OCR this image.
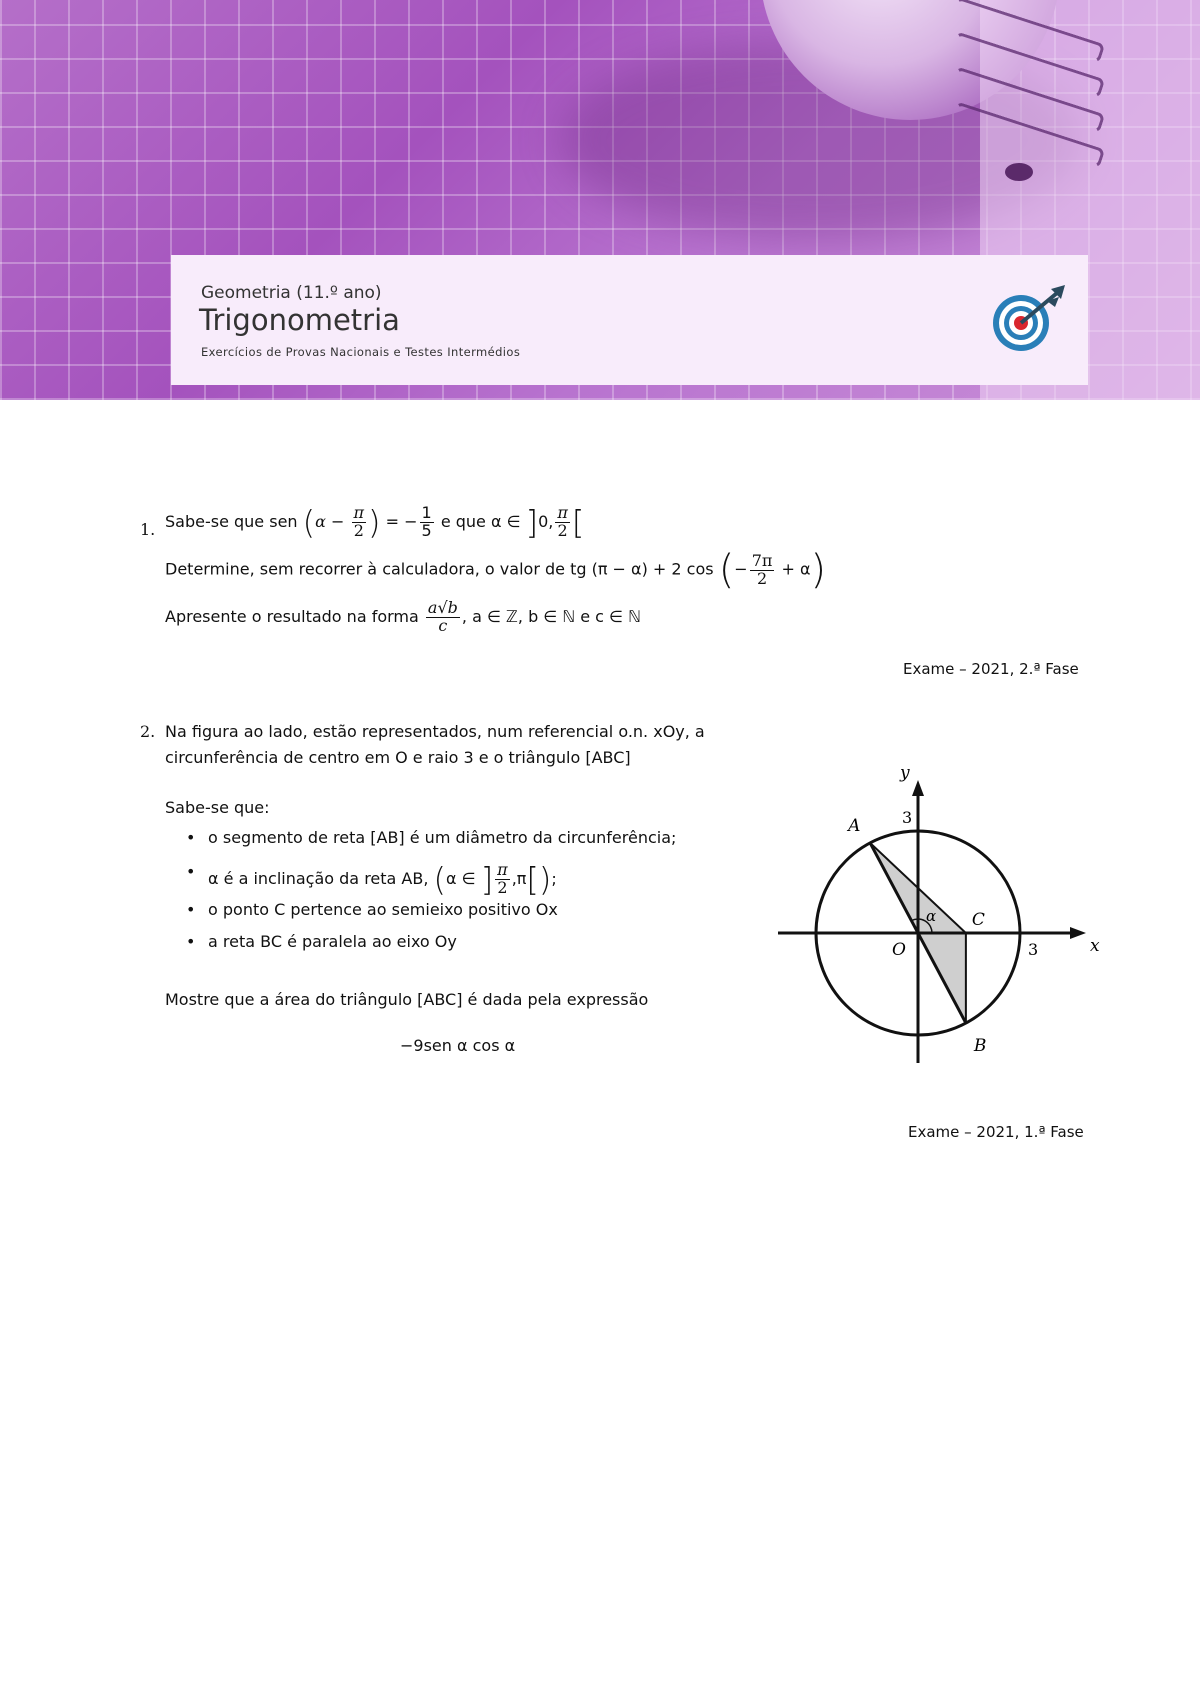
Geometria (11.º ano)
Trigonometria
Exercícios de Provas Nacionais e Testes Intermédios
1. Sabe-se que sen ($\alpha - \frac{\pi}{2}$ ) = − $\frac{1}{5}$ e que α ∈ ]0, $\frac{\pi}{2}$ [
Determine, sem recorrer à calculadora, o valor de tg (π − α) + 2 cos (− $\frac{7\pi}{2} + \alpha$)
Apresente o resultado na forma $\frac{a√b}{c}$ , a ∈ ℤ, b ∈ ℕ e c ∈ ℕ
Exame – 2021, 2.ª Fase
2. Na figura ao lado, estão representados, num referencial o.n. xOy, a
circunferência de centro em O e raio 3 e o triângulo [ABC]
Sabe-se que:
• o segmento de reta [AB] é um diâmetro da circunferência;
• α é a inclinação da reta AB, (α ∈ ] $\frac{\pi}{2} ,\pi[)$;
• o ponto C pertence ao semieixo positivo Ox
• a reta BC é paralela ao eixo Oy
Mostre que a área do triângulo [ABC] é dada pela expressão
−9sen α cos α
Exame – 2021, 1.ª Fase
x
y
O
A
B
C
α
3
3
